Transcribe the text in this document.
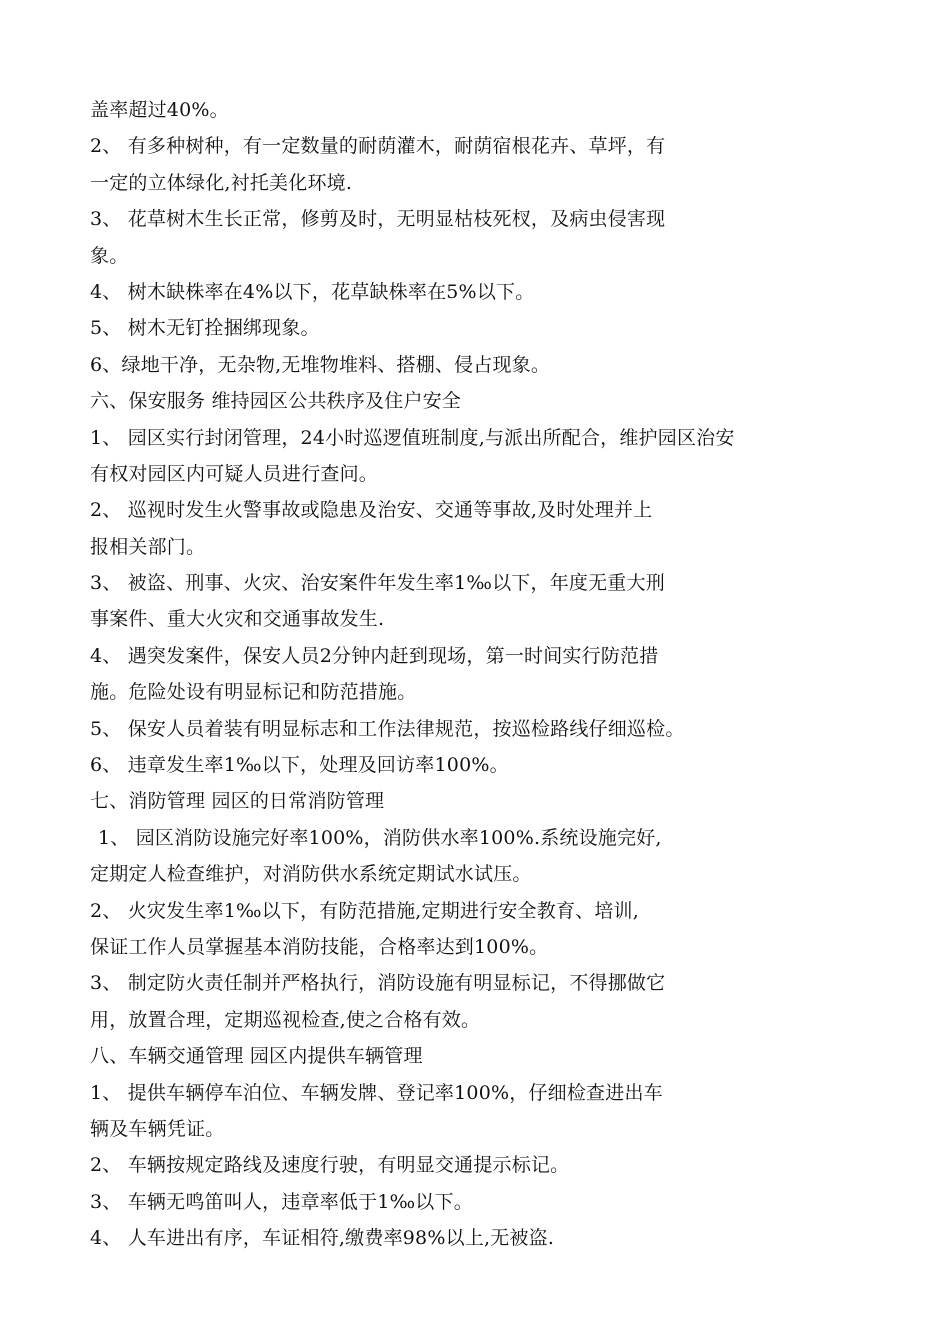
盖率超过40%。
2、 有多种树种，有一定数量的耐荫灌木，耐荫宿根花卉、草坪，有
一定的立体绿化,衬托美化环境.
3、 花草树木生长正常，修剪及时，无明显枯枝死杈，及病虫侵害现
象。
4、 树木缺株率在4%以下，花草缺株率在5%以下。
5、 树木无钉拴捆绑现象。
6、绿地干净，无杂物,无堆物堆料、搭棚、侵占现象。
六、保安服务 维持园区公共秩序及住户安全
1、 园区实行封闭管理，24小时巡逻值班制度,与派出所配合，维护园区治安
有权对园区内可疑人员进行查问。
2、 巡视时发生火警事故或隐患及治安、交通等事故,及时处理并上
报相关部门。
3、 被盗、刑事、火灾、治安案件年发生率1‰以下，年度无重大刑
事案件、重大火灾和交通事故发生.
4、 遇突发案件，保安人员2分钟内赶到现场，第一时间实行防范措
施。危险处设有明显标记和防范措施。
5、 保安人员着装有明显标志和工作法律规范，按巡检路线仔细巡检。
6、 违章发生率1‰以下，处理及回访率100%。
七、消防管理 园区的日常消防管理
1、 园区消防设施完好率100%，消防供水率100%.系统设施完好,
定期定人检查维护，对消防供水系统定期试水试压。
2、 火灾发生率1‰以下，有防范措施,定期进行安全教育、培训,
保证工作人员掌握基本消防技能，合格率达到100%。
3、 制定防火责任制并严格执行，消防设施有明显标记，不得挪做它
用，放置合理，定期巡视检查,使之合格有效。
八、车辆交通管理 园区内提供车辆管理
1、 提供车辆停车泊位、车辆发牌、登记率100%，仔细检查进出车
辆及车辆凭证。
2、 车辆按规定路线及速度行驶，有明显交通提示标记。
3、 车辆无鸣笛叫人，违章率低于1‰以下。
4、 人车进出有序，车证相符,缴费率98%以上,无被盗.
